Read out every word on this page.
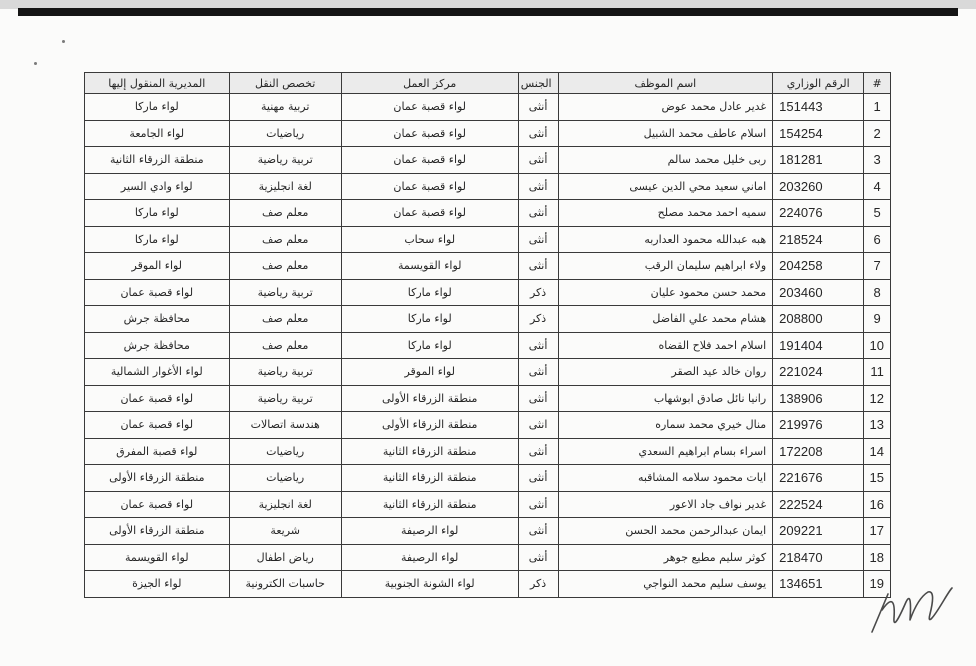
#	الرقم الوزاري	اسم الموظف	الجنس	مركز العمل	تخصص النقل	المديرية المنقول إليها
1	151443	غدير عادل محمد عوض	أنثى	لواء قصبة عمان	تربية مهنية	لواء ماركا
2	154254	اسلام عاطف محمد الشبيل	أنثى	لواء قصبة عمان	رياضيات	لواء الجامعة
3	181281	ربى خليل محمد سالم	أنثى	لواء قصبة عمان	تربية رياضية	منطقة الزرقاء الثانية
4	203260	اماني سعيد محي الدين عيسى	أنثى	لواء قصبة عمان	لغة انجليزية	لواء وادي السير
5	224076	سميه احمد محمد مصلح	أنثى	لواء قصبة عمان	معلم صف	لواء ماركا
6	218524	هبه عبدالله محمود العداربه	أنثى	لواء سحاب	معلم صف	لواء ماركا
7	204258	ولاء ابراهيم سليمان الرقب	أنثى	لواء القويسمة	معلم صف	لواء الموقر
8	203460	محمد حسن محمود عليان	ذكر	لواء ماركا	تربية رياضية	لواء قصبة عمان
9	208800	هشام محمد علي الفاضل	ذكر	لواء ماركا	معلم صف	محافظة جرش
10	191404	اسلام احمد فلاح القضاه	أنثى	لواء ماركا	معلم صف	محافظة جرش
11	221024	روان خالد عيد الصقر	أنثى	لواء الموقر	تربية رياضية	لواء الأغوار الشمالية
12	138906	رانيا نائل صادق ابوشهاب	أنثى	منطقة الزرقاء الأولى	تربية رياضية	لواء قصبة عمان
13	219976	منال خيري محمد سماره	انثى	منطقة الزرقاء الأولى	هندسة اتصالات	لواء قصبة عمان
14	172208	اسراء بسام ابراهيم السعدي	أنثى	منطقة الزرقاء الثانية	رياضيات	لواء قصبة المفرق
15	221676	ايات محمود سلامه المشاقبه	أنثى	منطقة الزرقاء الثانية	رياضيات	منطقة الزرقاء الأولى
16	222524	غدير نواف جاد الاعور	أنثى	منطقة الزرقاء الثانية	لغة انجليزية	لواء قصبة عمان
17	209221	ايمان عبدالرحمن محمد الحسن	أنثى	لواء الرصيفة	شريعة	منطقة الزرقاء الأولى
18	218470	كوثر سليم مطيع جوهر	أنثى	لواء الرصيفة	رياض اطفال	لواء القويسمة
19	134651	يوسف سليم محمد النواجي	ذكر	لواء الشونة الجنوبية	حاسبات الكترونية	لواء الجيزة
